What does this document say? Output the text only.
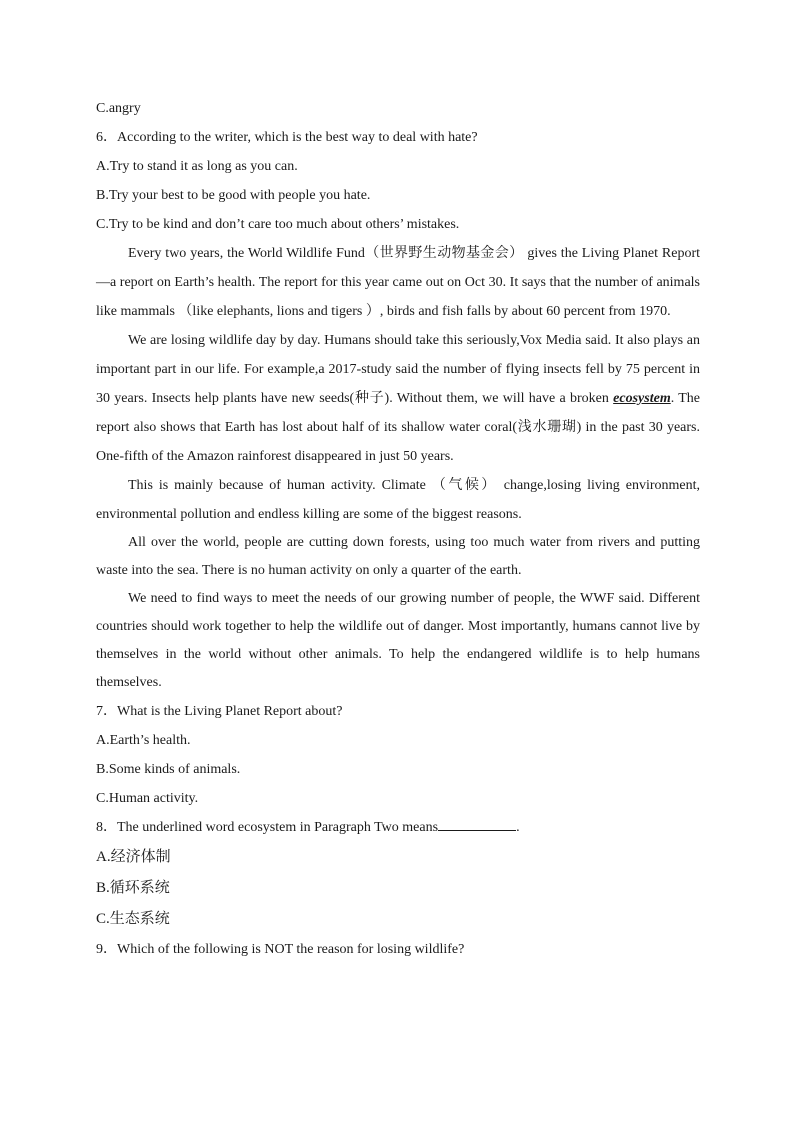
C.angry
6．According to the writer, which is the best way to deal with hate?
A.Try to stand it as long as you can.
B.Try your best to be good with people you hate.
C.Try to be kind and don’t care too much about others’ mistakes.

Every two years, the World Wildlife Fund（世界野生动物基金会） gives the Living Planet Report—a report on Earth’s health. The report for this year came out on Oct 30. It says that the number of animals like mammals （like elephants, lions and tigers ）, birds and fish falls by about 60 percent from 1970.

We are losing wildlife day by day. Humans should take this seriously,Vox Media said. It also plays an important part in our life. For example,a 2017-study said the number of flying insects fell by 75 percent in 30 years. Insects help plants have new seeds(种子). Without them, we will have a broken ecosystem. The report also shows that Earth has lost about half of its shallow water coral(浅水珊瑚) in the past 30 years. One-fifth of the Amazon rainforest disappeared in just 50 years.

This is mainly because of human activity. Climate （气候） change,losing living environment, environmental pollution and endless killing are some of the biggest reasons.

All over the world, people are cutting down forests, using too much water from rivers and putting waste into the sea. There is no human activity on only a quarter of the earth.

We need to find ways to meet the needs of our growing number of people, the WWF said. Different countries should work together to help the wildlife out of danger. Most importantly, humans cannot live by themselves in the world without other animals. To help the endangered wildlife is to help humans themselves.

7．What is the Living Planet Report about?
A.Earth’s health.
B.Some kinds of animals.
C.Human activity.
8．The underlined word ecosystem in Paragraph Two means	.
A.经济体制
B.循环系统
C.生态系统
9．Which of the following is NOT the reason for losing wildlife?
